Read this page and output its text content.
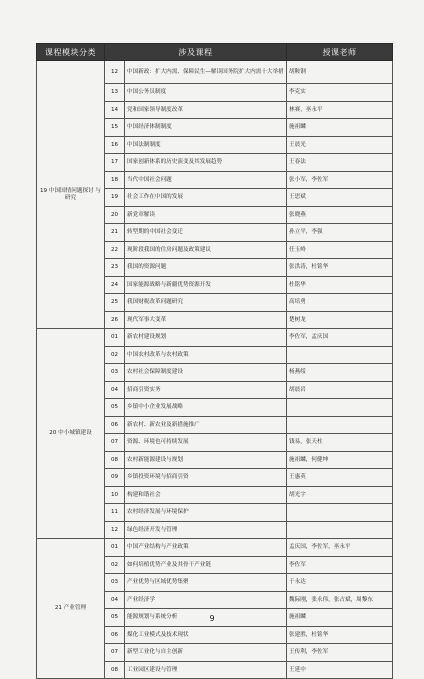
课程模块分类	涉及课程		授课老师
19 中国国情问题探讨 与研究	12	中国新政：扩大内需、保障民生—解读国务院扩大内需十大举措	胡鞍钢
	13	中国公务员制度	李克实
	14	党和国家领导制度改革	林赛，巫永平
	15	中国经济体制制度	施祖麟
	16	中国法制制度	王晨光
	17	国家创新体系的历史演变及其发展趋势	王春法
	18	当代中国社会问题	张小军，李佐军
	19	社会工作在中国的发展	王思斌
	20	新党章解读	张晓燕
	21	转型期的中国社会变迁	孙立平，李强
	22	现阶段我国的住房问题及政策建议	任玉岭
	23	我国的资源问题	张洪涛，杜铭华
	24	国家能源战略与新疆优势资源开发	杜铭华
	25	我国财税改革问题研究	高培勇
	26	现代军事大变革	楚树龙
20 中小城镇建设	01	新农村建设规划	李佐军，孟庆国
	02	中国农村改革与农村政策	
	03	农村社会保障制度建设	杨燕绥
	04	招商引资实务	胡晨岩
	05	乡镇中小企业发展战略	
	06	新农村、新农业及新措施推广	
	07	资源、环境也可持续发展	钱易，张天柱
	08	农村新能源建设与规划	施祖麟，何健坤
	09	乡镇投资环境与招商引资	王惠英
	10	构建和谐社会	胡光宇
	11	农村经济发展与环境保护	
	12	绿色经济开发与管理	
21 产业管理	01	中国产业结构与产业政策	孟庆国，李佐军，巫永平
	02	如何培植优势产业及其骨干产业链	李佐军
	03	产业优势与区域优势集聚	于永达
	04	产业经济学	魏际刚，张永伟，张占斌，周黎东
	05	能源规划与系统分析	施祖麟
	06	煤化工业模式及技术现状	张建胜，杜铭华
	07	新型工业化与自主创新	王传利，李佐军
	08	工业园区建设与管理	王延中
9
